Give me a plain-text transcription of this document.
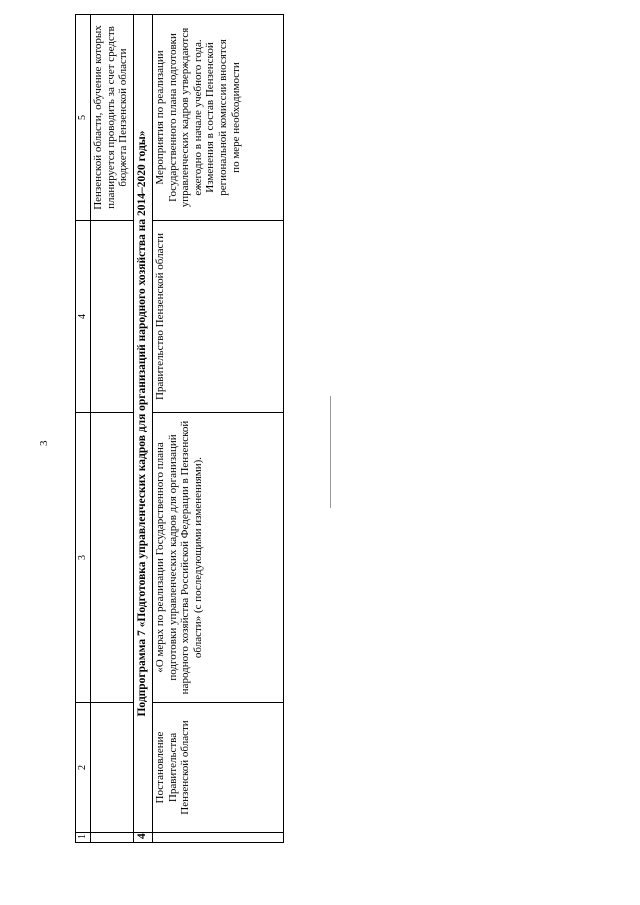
3
1	2	3	4	5
				Пензенской области, обучение которых планируется проводить за счет средств бюджета Пензенской области
4	Подпрограмма 7 «Подготовка управленческих кадров для организаций народного хозяйства на 2014–2020 годы»			
	Постановление Правительства Пензенской области	«О мерах по реализации Государственного плана подготовки управленческих кадров для организаций народного хозяйства Российской Федерации в Пензенской области» (с последующими изменениями).	Правительство Пензенской области	Мероприятия по реализации Государственного плана подготовки управленческих кадров утверждаются ежегодно в начале учебного года. Изменения в состав Пензенской региональной комиссии вносятся по мере необходимости
